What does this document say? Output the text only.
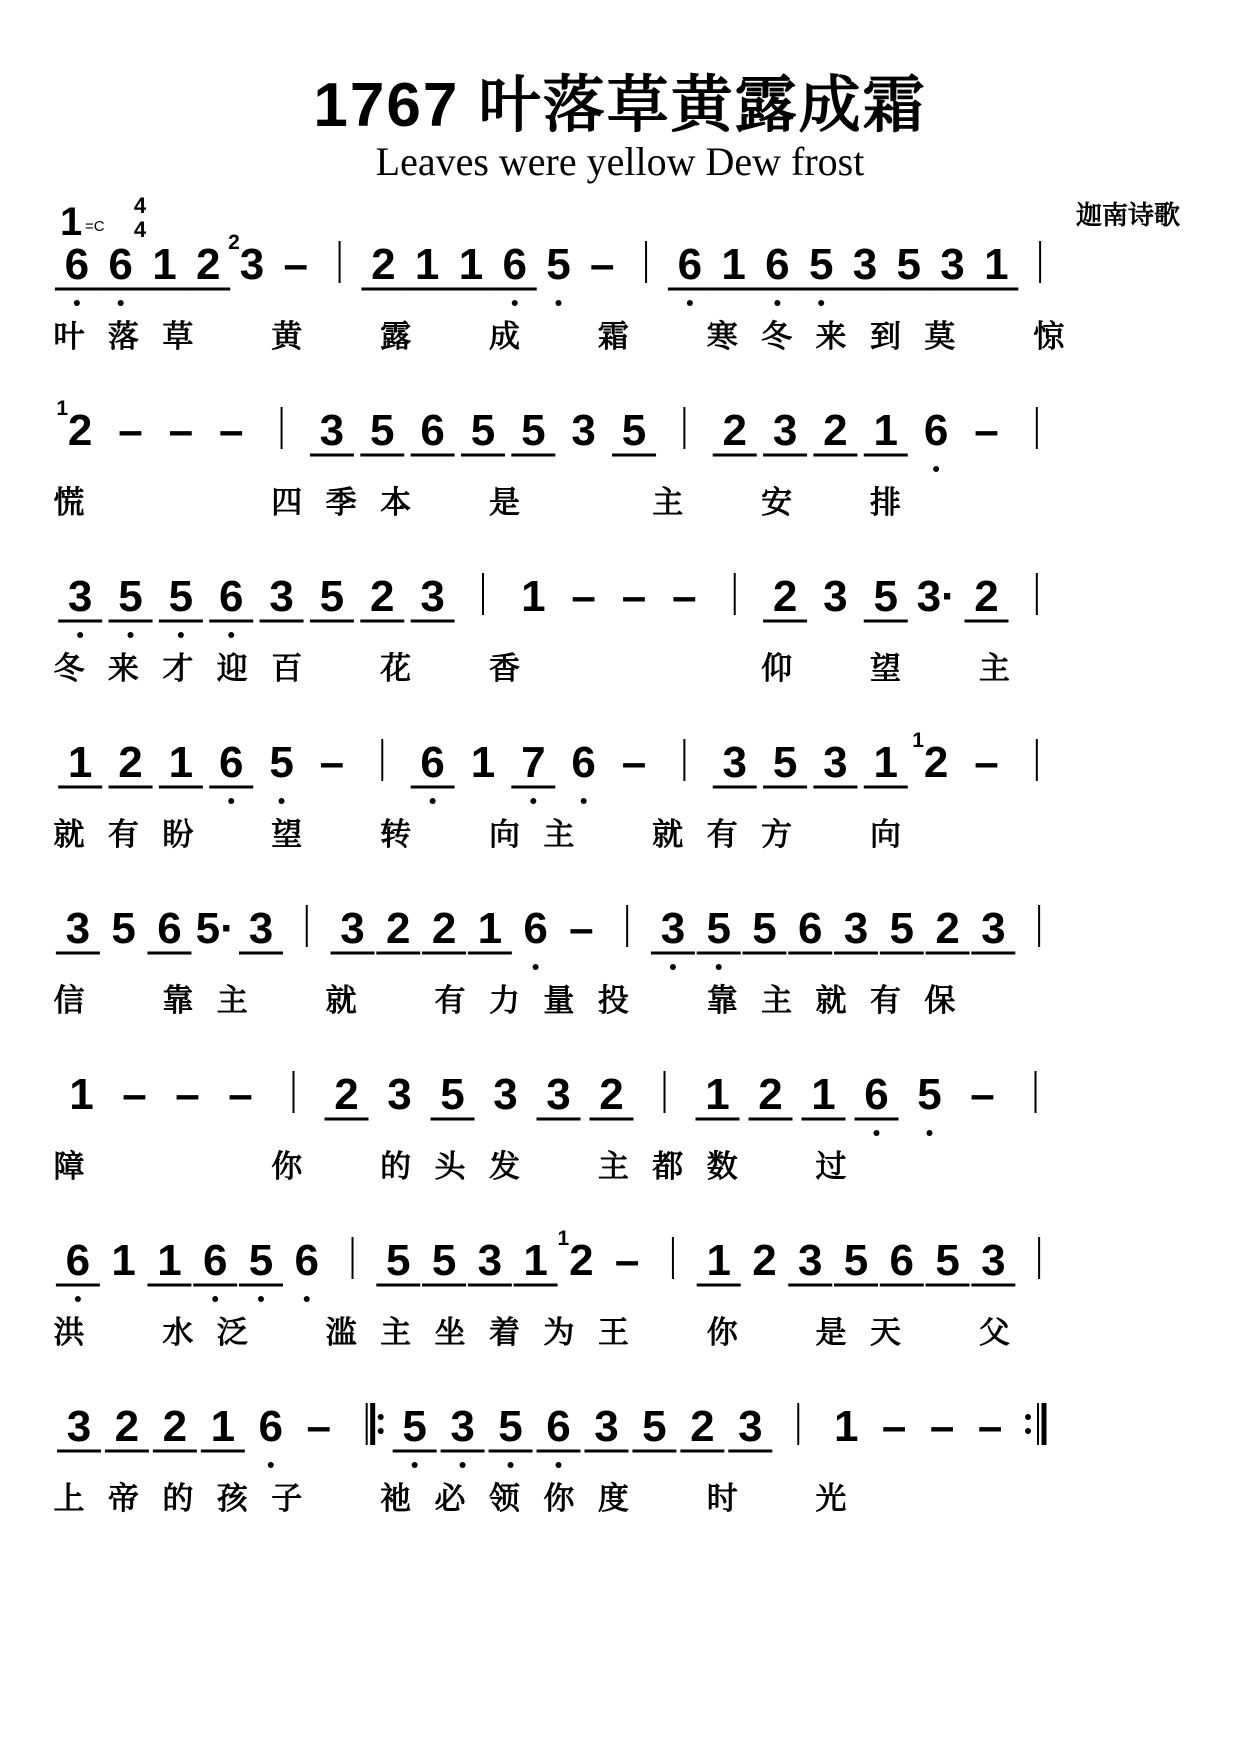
1767 叶落草黄露成霜
Leaves were yellow Dew frost
迦南诗歌
1 =C
4
4
6 6 1 2 3
2 – 2 1 1 6 5 – 6 1 6 5 3 5 3 1
叶 落 草	黄	露	成	霜	寒 冬 来 到 莫	惊
2
1 – – – 3 5 6 5 5 3 5 2 3 2 1 6 –
慌	四 季 本	是	主	安	排
3 5 5 6 3 5 2 3 1 – – – 2 3 5 3· 2
冬 来 才 迎 百	花	香	仰	望	主
1 2 1 6 5 – 6 1 7 6 – 3 5 3 1 2
1 –
就 有 盼	望	转	向 主	就 有 方	向
3 5 6 5· 3 3 2 2 1 6 – 3 5 5 6 3 5 2 3
信	靠 主	就	有 力 量 投	靠 主 就 有 保
1 – – – 2 3 5 3 3 2 1 2 1 6 5 –
障	你	的 头 发	主 都 数	过
6 1 1 6 5 6 5 5 3 1 2
1 – 1 2 3 5 6 5 3
洪	水 泛	滥 主 坐 着 为 王	你	是 天	父
3 2 2 1 6 – 5 3 5 6 3 5 2 3 1 – – –
上 帝 的 孩 子	祂 必 领 你 度	时	光
